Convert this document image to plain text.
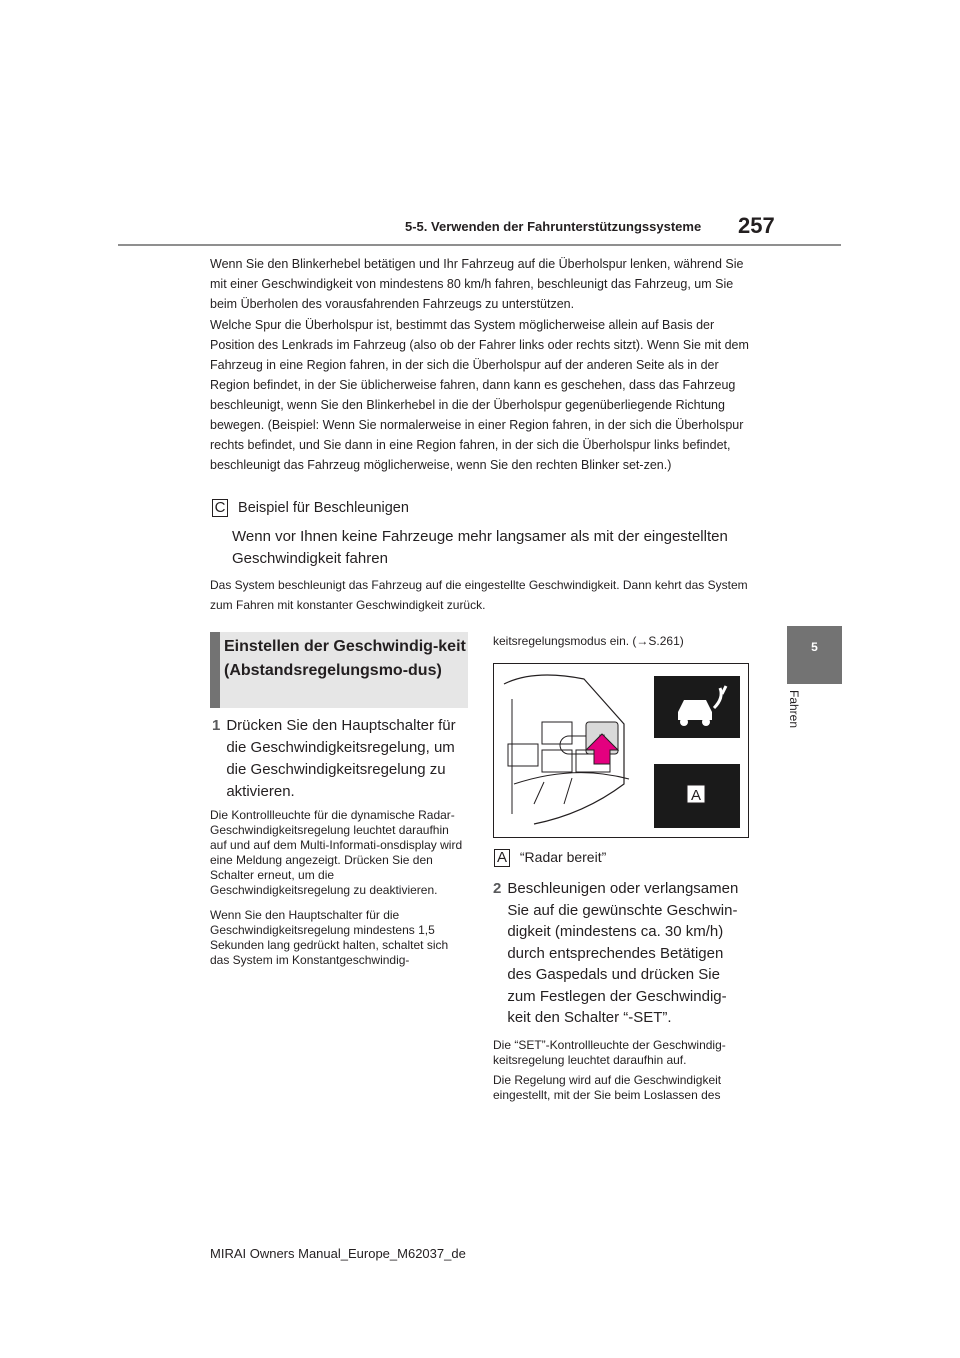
5-5. Verwenden der Fahrunterstützungssysteme 257
5
Fahren

Wenn Sie den Blinkerhebel betätigen und Ihr Fahrzeug auf die Überholspur lenken, während Sie mit einer Geschwindigkeit von mindestens 80 km/h fahren, beschleunigt das Fahrzeug, um Sie beim Überholen des vorausfahrenden Fahrzeugs zu unterstützen.

Welche Spur die Überholspur ist, bestimmt das System möglicherweise allein auf Basis der Position des Lenkrads im Fahrzeug (also ob der Fahrer links oder rechts sitzt). Wenn Sie mit dem Fahrzeug in eine Region fahren, in der sich die Überholspur auf der anderen Seite als in der Region befindet, in der Sie üblicherweise fahren, dann kann es geschehen, dass das Fahrzeug beschleunigt, wenn Sie den Blinkerhebel in die der Überholspur gegenüberliegende Richtung bewegen. (Beispiel: Wenn Sie normalerweise in einer Region fahren, in der sich die Überholspur rechts befindet, und Sie dann in eine Region fahren, in der sich die Überholspur links befindet, beschleunigt das Fahrzeug möglicherweise, wenn Sie den rechten Blinker set-zen.)

C Beispiel für Beschleunigen

Wenn vor Ihnen keine Fahrzeuge mehr langsamer als mit der eingestellten Geschwindigkeit fahren

Das System beschleunigt das Fahrzeug auf die eingestellte Geschwindigkeit. Dann kehrt das System zum Fahren mit konstanter Geschwindigkeit zurück.

Einstellen der Geschwindig-keit (Abstandsregelungsmo-dus)
1 Drücken Sie den Hauptschalter für die Geschwindigkeitsregelung, um die Geschwindigkeitsregelung zu aktivieren.

Die Kontrollleuchte für die dynamische Radar-Geschwindigkeitsregelung leuchtet daraufhin auf und auf dem Multi-Informati-onsdisplay wird eine Meldung angezeigt. Drücken Sie den Schalter erneut, um die Geschwindigkeitsregelung zu deaktivieren.

Wenn Sie den Hauptschalter für die Geschwindigkeitsregelung mindestens 1,5 Sekunden lang gedrückt halten, schaltet sich das System im Konstantgeschwindig-

keitsregelungsmodus ein. (→S.261)

A
A “Radar bereit”
2 Beschleunigen oder verlangsamen Sie auf die gewünschte Geschwin-digkeit (mindestens ca. 30 km/h) durch entsprechendes Betätigen des Gaspedals und drücken Sie zum Festlegen der Geschwindig-keit den Schalter “-SET”.

Die “SET”-Kontrollleuchte der Geschwindig-keitsregelung leuchtet daraufhin auf.

Die Regelung wird auf die Geschwindigkeit eingestellt, mit der Sie beim Loslassen des

MIRAI Owners Manual_Europe_M62037_de
